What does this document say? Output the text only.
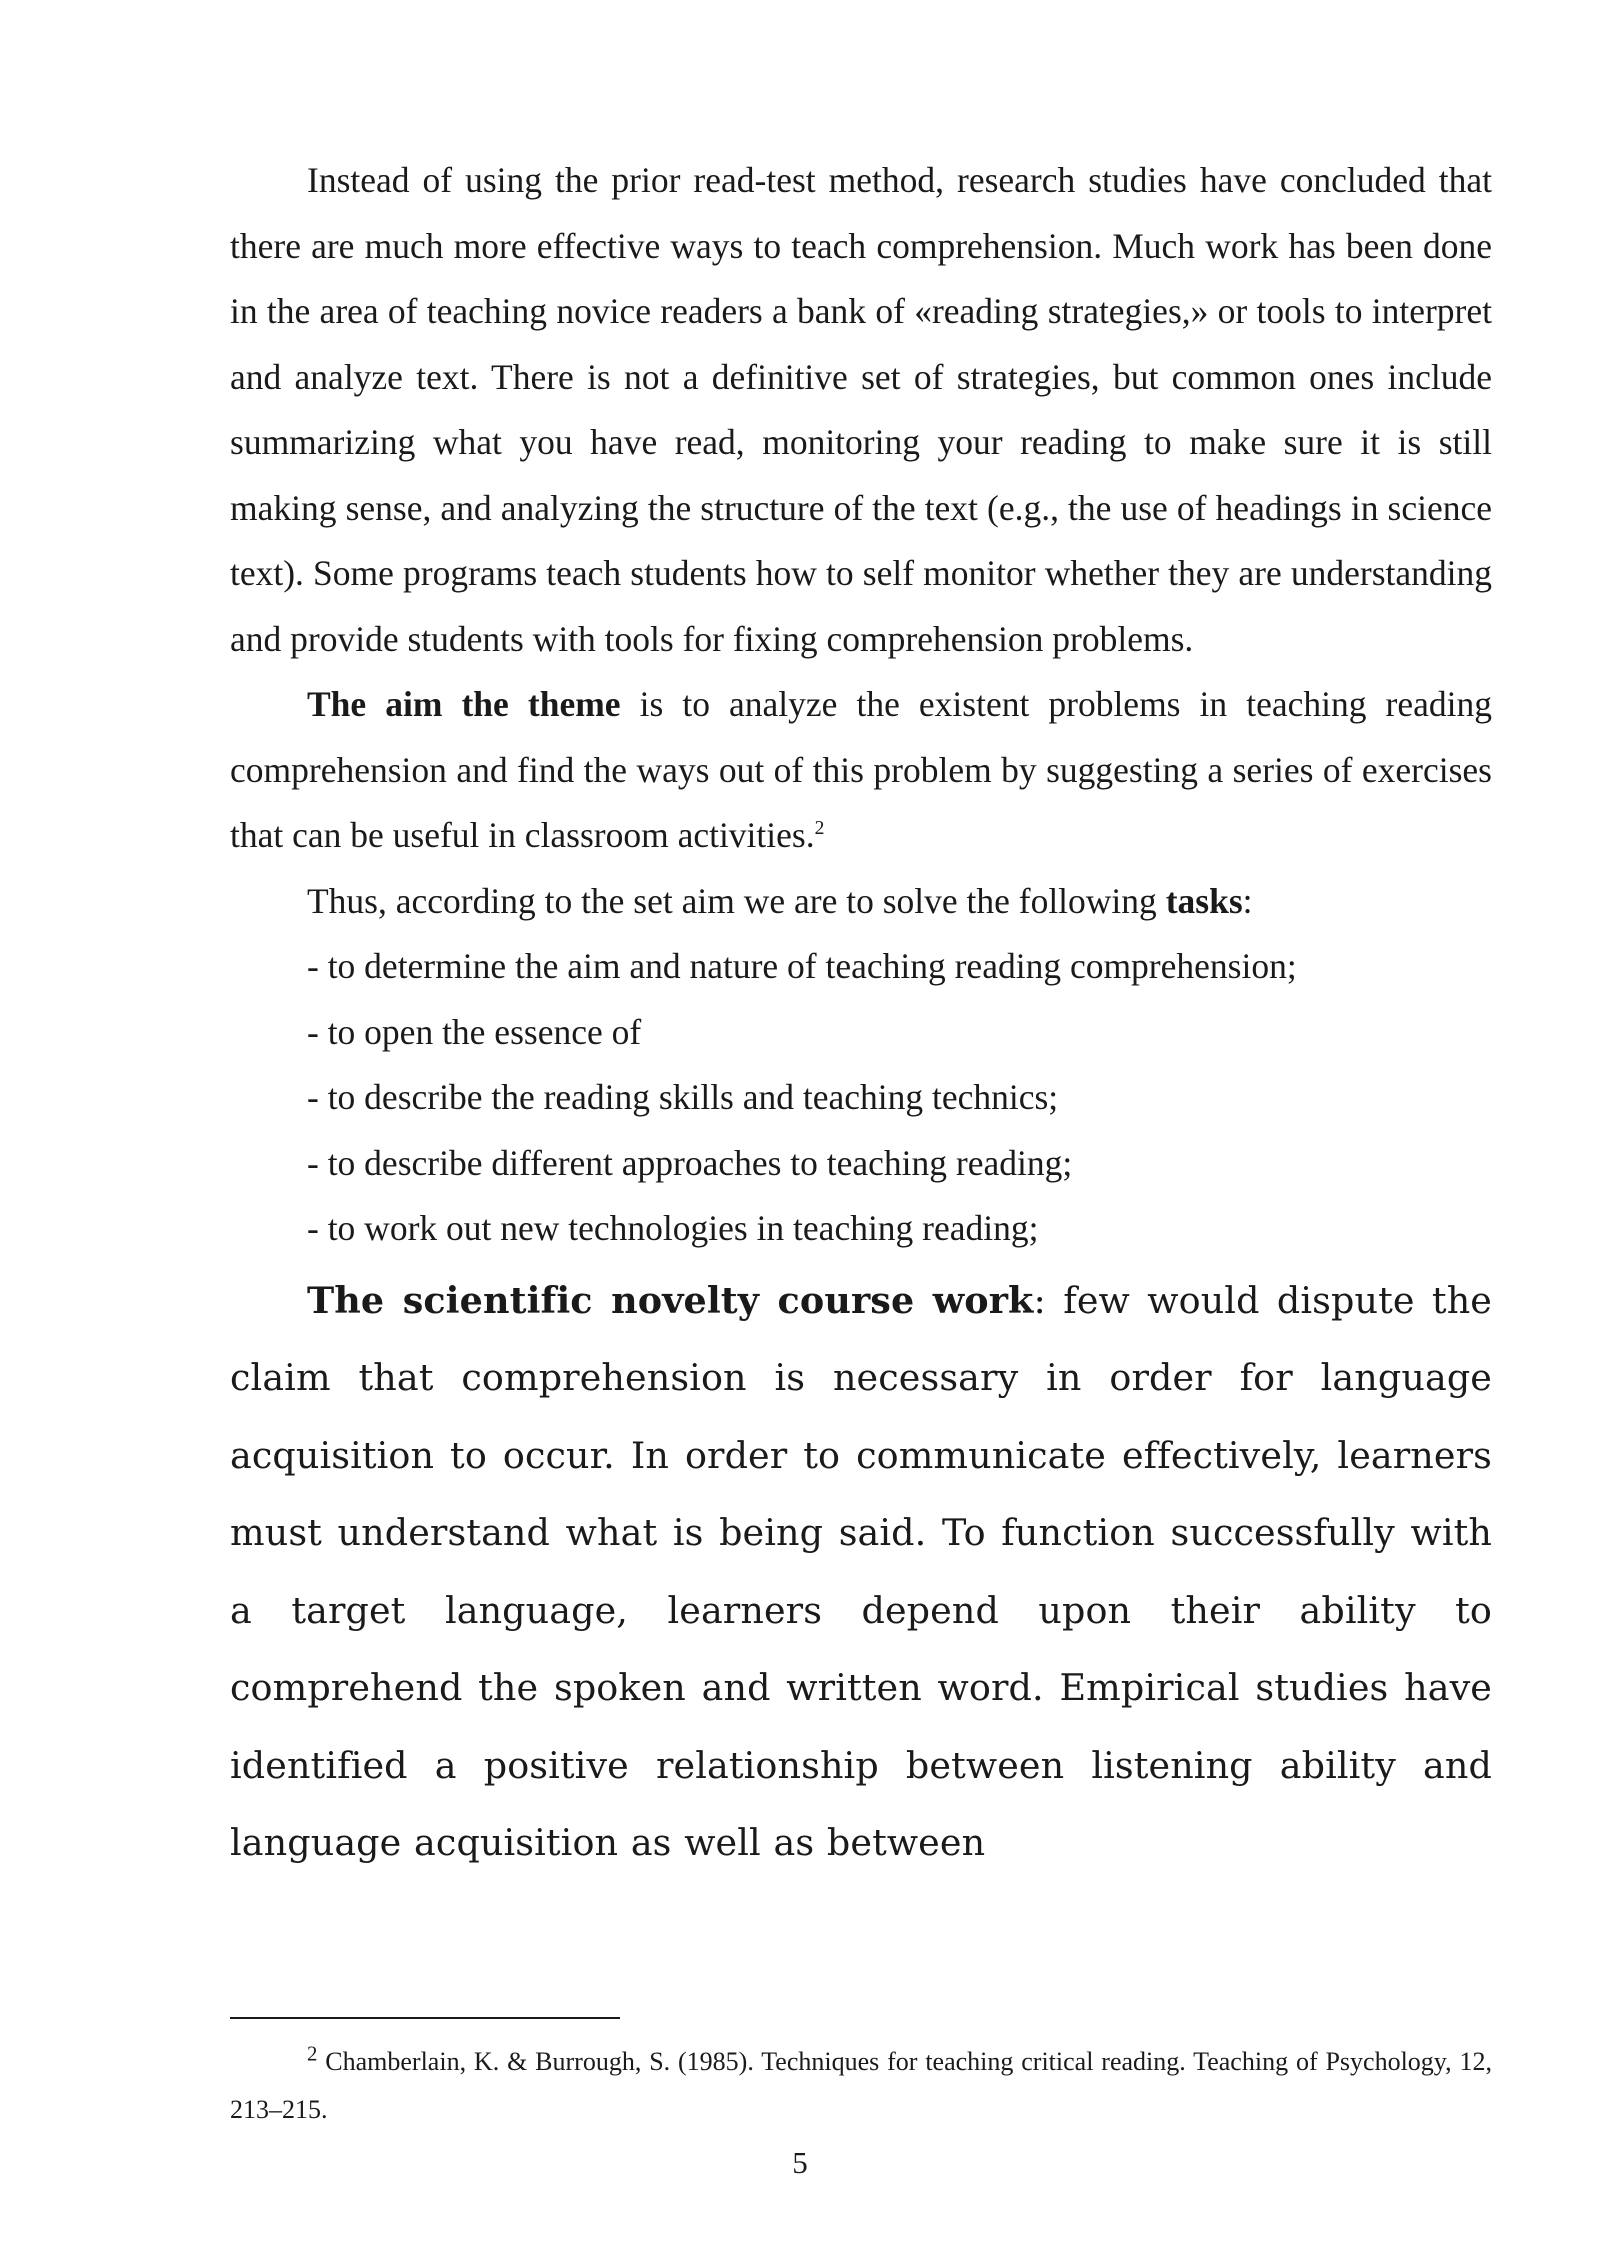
Instead of using the prior read-test method, research studies have concluded that there are much more effective ways to teach comprehension. Much work has been done in the area of teaching novice readers a bank of «reading strategies,» or tools to interpret and analyze text. There is not a definitive set of strategies, but common ones include summarizing what you have read, monitoring your reading to make sure it is still making sense, and analyzing the structure of the text (e.g., the use of headings in science text). Some programs teach students how to self monitor whether they are understanding and provide students with tools for fixing comprehension problems.

The aim the theme is to analyze the existent problems in teaching reading comprehension and find the ways out of this problem by suggesting a series of exercises that can be useful in classroom activities.$^2$

Thus, according to the set aim we are to solve the following tasks:

- to determine the aim and nature of teaching reading comprehension;

- to open the essence of

- to describe the reading skills and teaching technics;

- to describe different approaches to teaching reading;

- to work out new technologies in teaching reading;

The scientific novelty course work: few would dispute the claim that comprehension is necessary in order for language acquisition to occur. In order to communicate effectively, learners must understand what is being said. To function successfully with a target language, learners depend upon their ability to comprehend the spoken and written word. Empirical studies have identified a positive relationship between listening ability and language acquisition as well as between

$^2$ Chamberlain, K. & Burrough, S. (1985). Techniques for teaching critical reading. Teaching of Psychology, 12, 213–215.

5
